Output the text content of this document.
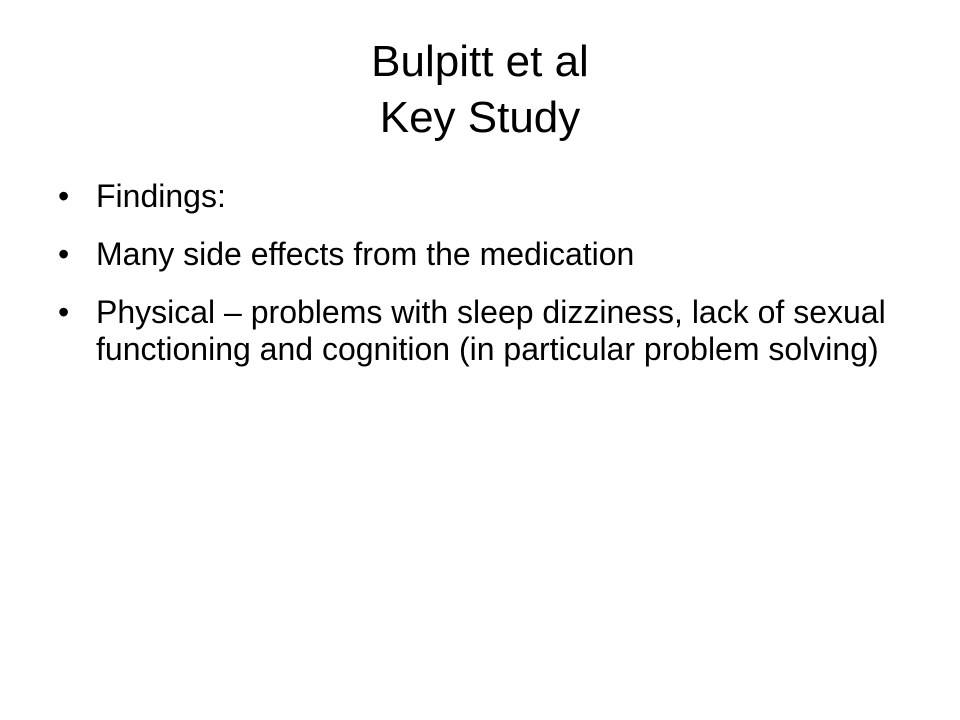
Bulpitt et al
Key Study
• Findings:
• Many side effects from the medication
• Physical – problems with sleep dizziness, lack of sexual functioning and cognition (in particular problem solving)
